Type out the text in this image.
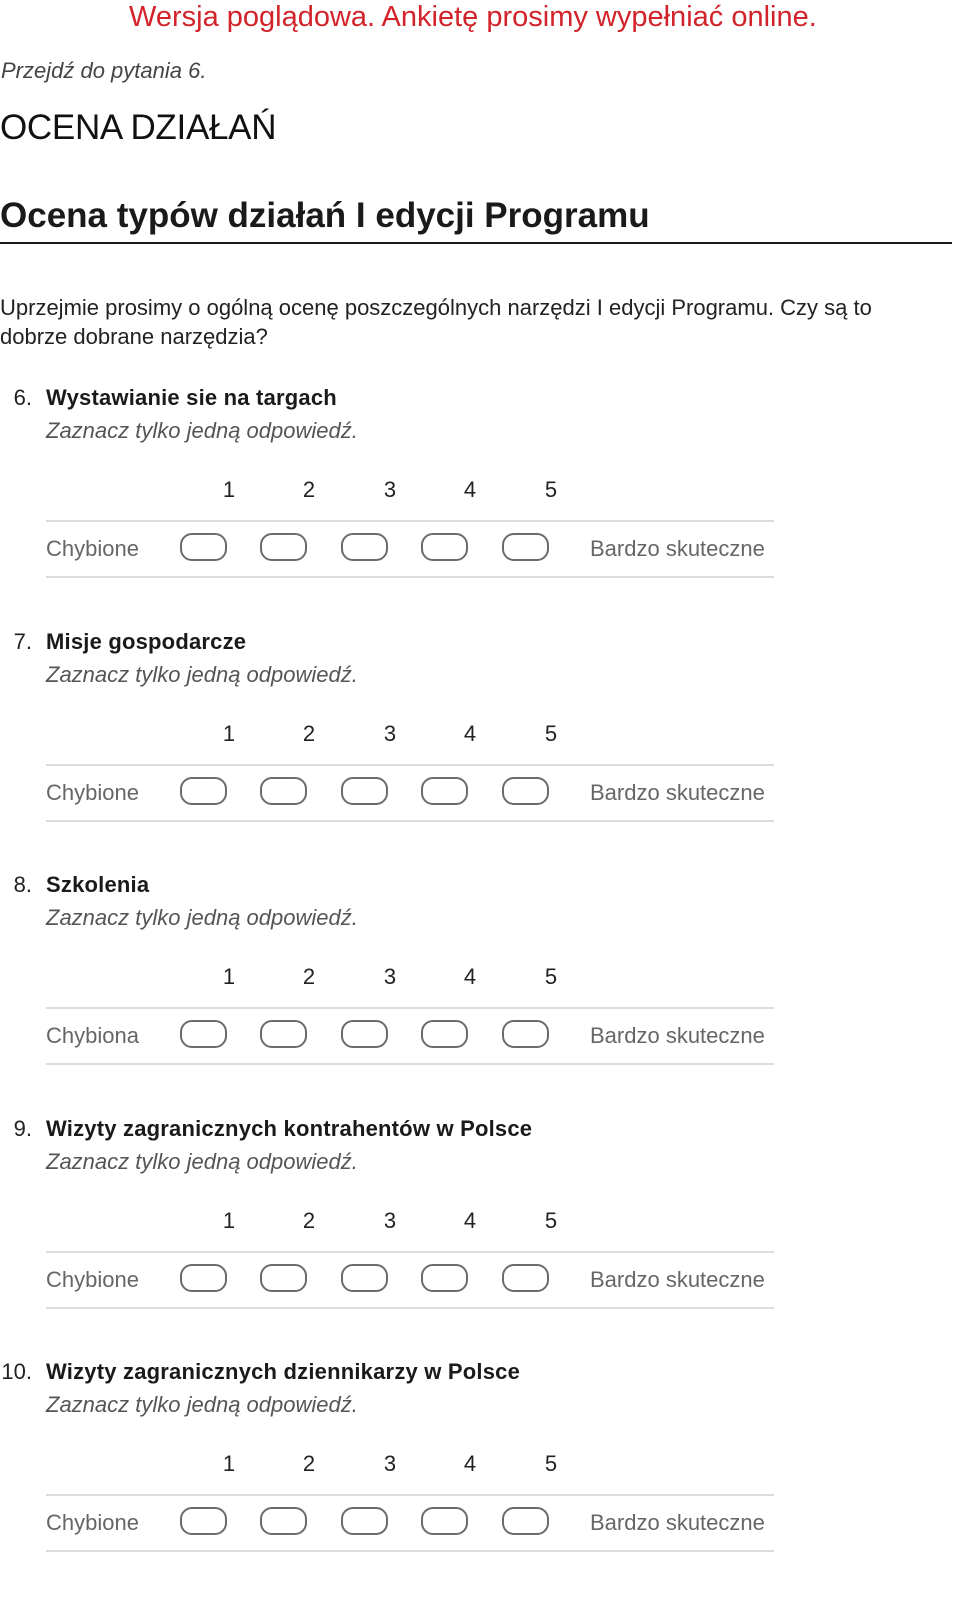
Wersja poglądowa. Ankietę prosimy wypełniać online.
Przejdź do pytania 6.
OCENA DZIAŁAŃ
Ocena typów działań I edycji Programu
Uprzejmie prosimy o ogólną ocenę poszczególnych narzędzi I edycji Programu. Czy są to dobrze dobrane narzędzia?
6. Wystawianie sie na targach
Zaznacz tylko jedną odpowiedź.
1	2	3	4	5
Chybione	Bardzo skuteczne
7. Misje gospodarcze
Zaznacz tylko jedną odpowiedź.
1	2	3	4	5
Chybione	Bardzo skuteczne
8. Szkolenia
Zaznacz tylko jedną odpowiedź.
1	2	3	4	5
Chybiona	Bardzo skuteczne
9. Wizyty zagranicznych kontrahentów w Polsce
Zaznacz tylko jedną odpowiedź.
1	2	3	4	5
Chybione	Bardzo skuteczne
10. Wizyty zagranicznych dziennikarzy w Polsce
Zaznacz tylko jedną odpowiedź.
1	2	3	4	5
Chybione	Bardzo skuteczne
